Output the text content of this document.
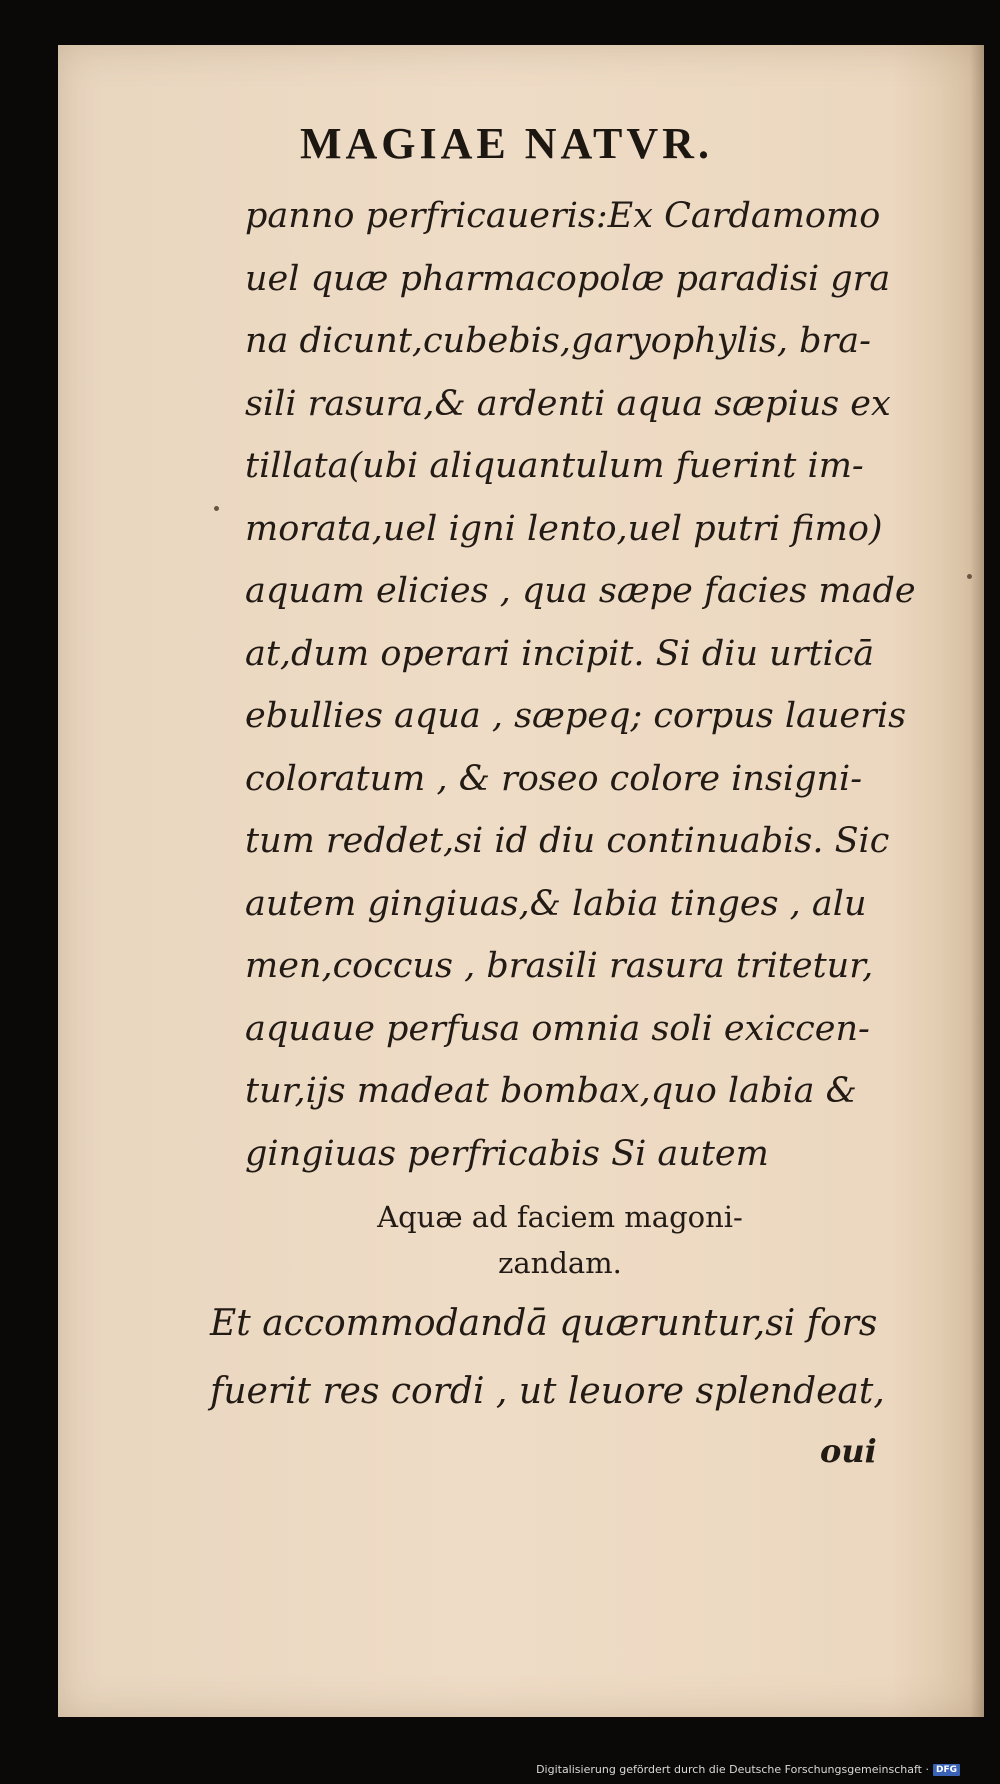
MAGIAE NATVR.
panno perfricaueris:Ex Cardamomo
uel quæ pharmacopolæ paradisi gra
na dicunt,cubebis,garyophylis, bra-
sili rasura,& ardenti aqua sæpius ex
tillata(ubi aliquantulum fuerint im-
morata,uel igni lento,uel putri fimo)
aquam elicies , qua sæpe facies made
at,dum operari incipit. Si diu urticā
ebullies aqua , sæpeq; corpus laueris
coloratum , & roseo colore insigni-
tum reddet,si id diu continuabis. Sic
autem gingiuas,& labia tinges , alu
men,coccus , brasili rasura tritetur,
aquaue perfusa omnia soli exiccen-
tur,ijs madeat bombax,quo labia &
gingiuas perfricabis Si autem
Aquæ ad faciem magoni-
zandam.
Et accommodandā quæruntur,si fors
fuerit res cordi , ut leuore splendeat,
oui
Digitalisierung gefördert durch die Deutsche Forschungsgemeinschaft · DFG
